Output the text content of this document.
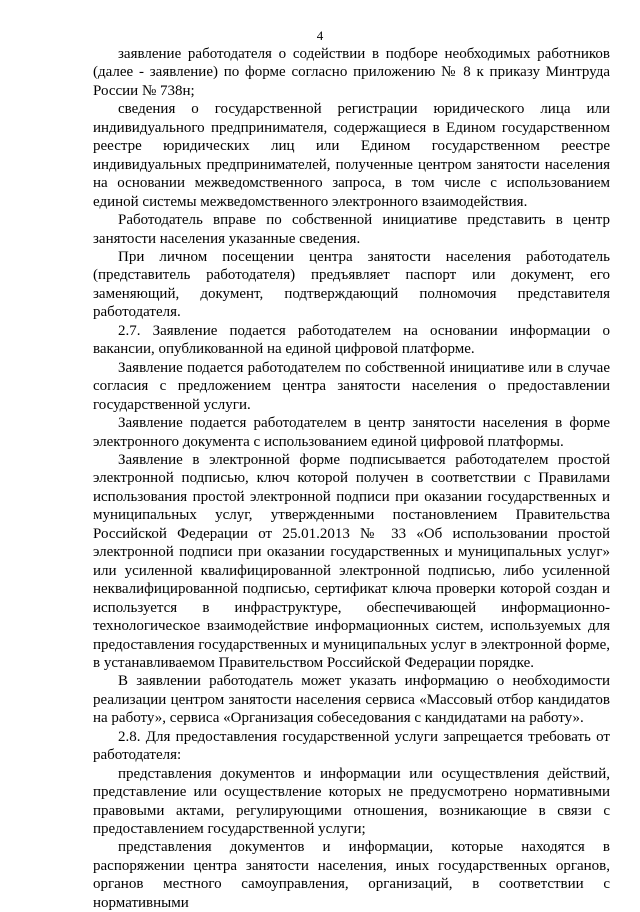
4

заявление работодателя о содействии в подборе необходимых работников (далее - заявление) по форме согласно приложению № 8 к приказу Минтруда России № 738н;

сведения о государственной регистрации юридического лица или индивидуального предпринимателя, содержащиеся в Едином государственном реестре юридических лиц или Едином государственном реестре индивидуальных предпринимателей, полученные центром занятости населения на основании межведомственного запроса, в том числе с использованием единой системы межведомственного электронного взаимодействия.

Работодатель вправе по собственной инициативе представить в центр занятости населения указанные сведения.

При личном посещении центра занятости населения работодатель (представитель работодателя) предъявляет паспорт или документ, его заменяющий, документ, подтверждающий полномочия представителя работодателя.

2.7. Заявление подается работодателем на основании информации о вакансии, опубликованной на единой цифровой платформе.

Заявление подается работодателем по собственной инициативе или в случае согласия с предложением центра занятости населения о предоставлении государственной услуги.

Заявление подается работодателем в центр занятости населения в форме электронного документа с использованием единой цифровой платформы.

Заявление в электронной форме подписывается работодателем простой электронной подписью, ключ которой получен в соответствии с Правилами использования простой электронной подписи при оказании государственных и муниципальных услуг, утвержденными постановлением Правительства Российской Федерации от 25.01.2013 № 33 «Об использовании простой электронной подписи при оказании государственных и муниципальных услуг» или усиленной квалифицированной электронной подписью, либо усиленной неквалифицированной подписью, сертификат ключа проверки которой создан и используется в инфраструктуре, обеспечивающей информационно-технологическое взаимодействие информационных систем, используемых для предоставления государственных и муниципальных услуг в электронной форме, в устанавливаемом Правительством Российской Федерации порядке.

В заявлении работодатель может указать информацию о необходимости реализации центром занятости населения сервиса «Массовый отбор кандидатов на работу», сервиса «Организация собеседования с кандидатами на работу».

2.8. Для предоставления государственной услуги запрещается требовать от работодателя:

представления документов и информации или осуществления действий, представление или осуществление которых не предусмотрено нормативными правовыми актами, регулирующими отношения, возникающие в связи с предоставлением государственной услуги;

представления документов и информации, которые находятся в распоряжении центра занятости населения, иных государственных органов, органов местного самоуправления, организаций, в соответствии с нормативными
